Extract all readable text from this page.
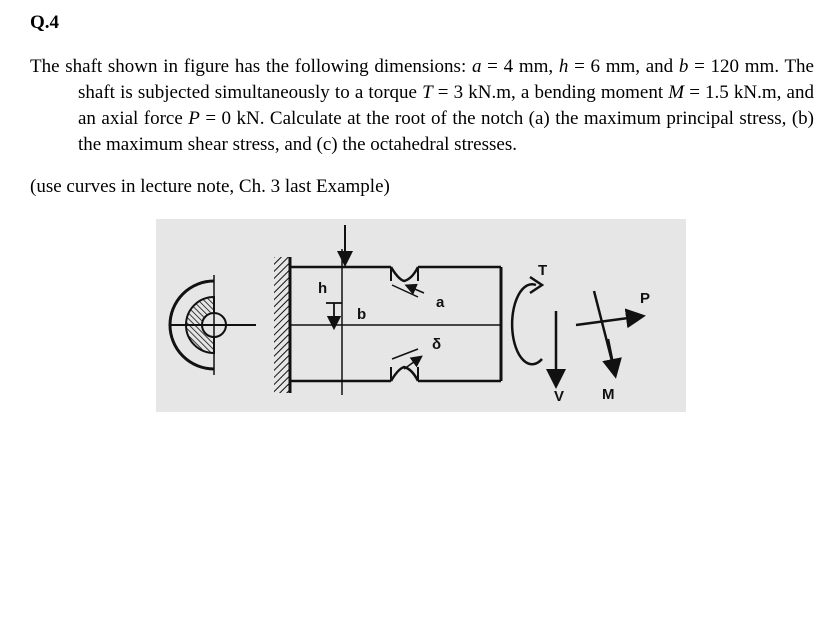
Q.4
The shaft shown in figure has the following dimensions: a = 4 mm, h = 6 mm, and b = 120 mm. The shaft is subjected simultaneously to a torque T = 3 kN.m, a bending moment M = 1.5 kN.m, and an axial force P = 0 kN. Calculate at the root of the notch (a) the maximum principal stress, (b) the maximum shear stress, and (c) the octahedral stresses.
(use curves in lecture note, Ch. 3 last Example)
h
b
a
δ
T
V
P
M
